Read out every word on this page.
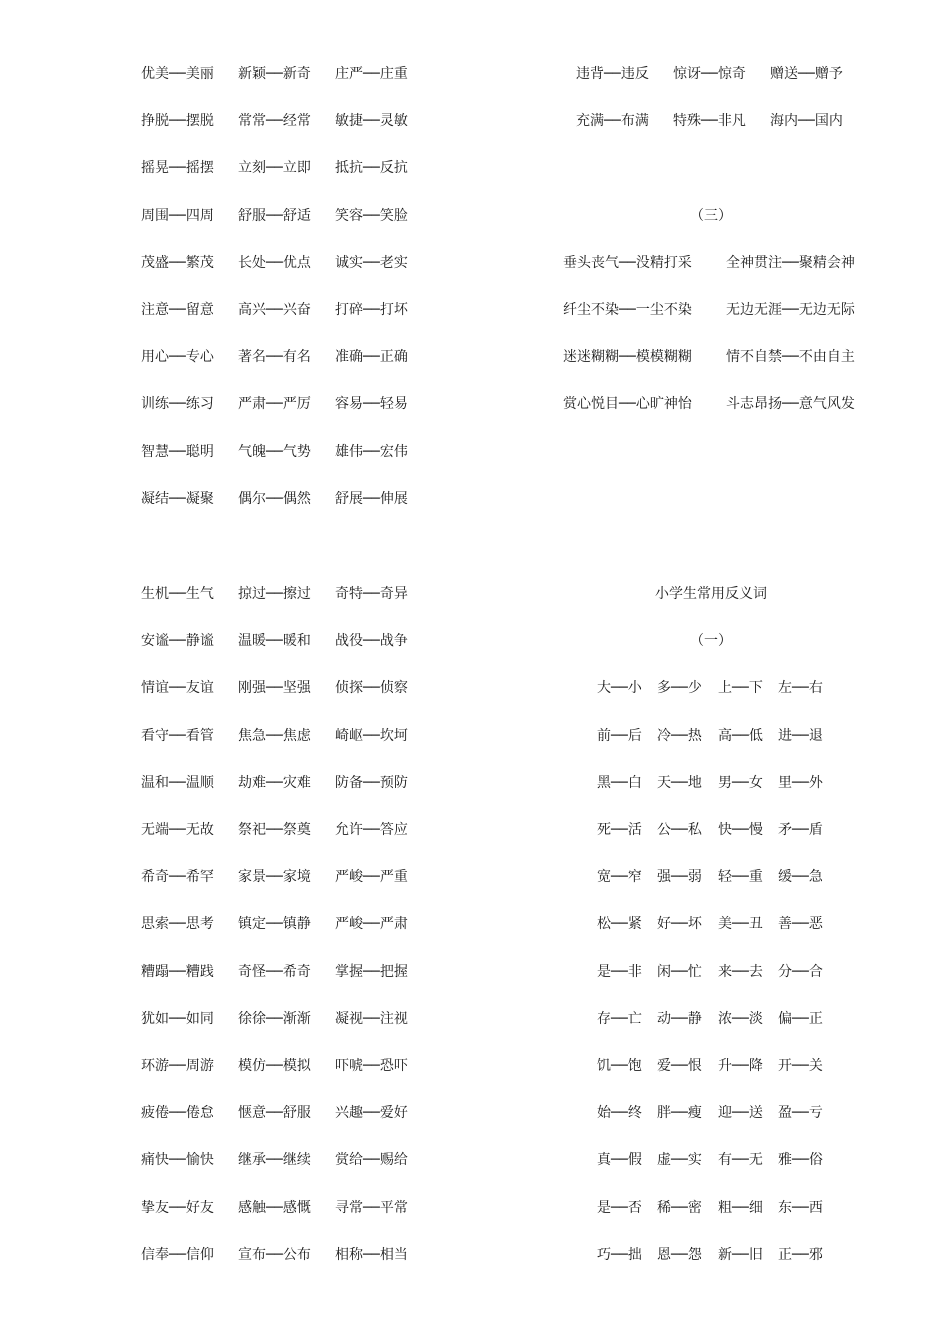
优美──美丽 新颖──新奇 庄严──庄重
挣脱──摆脱 常常──经常 敏捷──灵敏
摇晃──摇摆 立刻──立即 抵抗──反抗
周围──四周 舒服──舒适 笑容──笑脸
茂盛──繁茂 长处──优点 诚实──老实
注意──留意 高兴──兴奋 打碎──打坏
用心──专心 著名──有名 准确──正确
训练──练习 严肃──严厉 容易──轻易
智慧──聪明 气魄──气势 雄伟──宏伟
凝结──凝聚 偶尔──偶然 舒展──伸展
违背──违反 惊讶──惊奇 赠送──赠予
充满──布满 特殊──非凡 海内──国内
（三）
垂头丧气──没精打采 全神贯注──聚精会神
纤尘不染──一尘不染 无边无涯──无边无际
迷迷糊糊──模模糊糊 情不自禁──不由自主
赏心悦目──心旷神怡 斗志昂扬──意气风发
生机──生气 掠过──擦过 奇特──奇异
安谧──静谧 温暖──暖和 战役──战争
情谊──友谊 刚强──坚强 侦探──侦察
看守──看管 焦急──焦虑 崎岖──坎坷
温和──温顺 劫难──灾难 防备──预防
无端──无故 祭祀──祭奠 允许──答应
希奇──希罕 家景──家境 严峻──严重
思索──思考 镇定──镇静 严峻──严肃
糟蹋──糟践 奇怪──希奇 掌握──把握
犹如──如同 徐徐──渐渐 凝视──注视
环游──周游 模仿──模拟 吓唬──恐吓
疲倦──倦怠 惬意──舒服 兴趣──爱好
痛快──愉快 继承──继续 赏给──赐给
挚友──好友 感触──感慨 寻常──平常
信奉──信仰 宣布──公布 相称──相当
小学生常用反义词
（一）
大──小 多──少 上──下 左──右
前──后 冷──热 高──低 进──退
黑──白 天──地 男──女 里──外
死──活 公──私 快──慢 矛──盾
宽──窄 强──弱 轻──重 缓──急
松──紧 好──坏 美──丑 善──恶
是──非 闲──忙 来──去 分──合
存──亡 动──静 浓──淡 偏──正
饥──饱 爱──恨 升──降 开──关
始──终 胖──瘦 迎──送 盈──亏
真──假 虚──实 有──无 雅──俗
是──否 稀──密 粗──细 东──西
巧──拙 恩──怨 新──旧 正──邪
